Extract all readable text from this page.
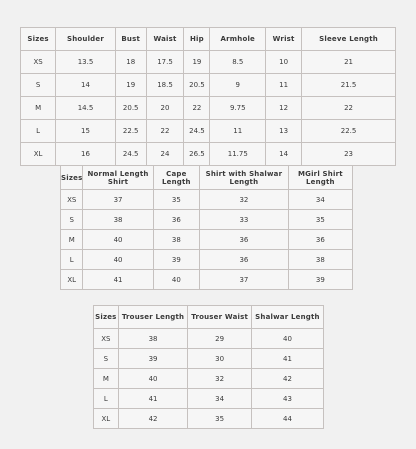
Sizes	Shoulder	Bust	Waist	Hip	Armhole	Wrist	Sleeve Length
XS	13.5	18	17.5	19	8.5	10	21
S	14	19	18.5	20.5	9	11	21.5
M	14.5	20.5	20	22	9.75	12	22
L	15	22.5	22	24.5	11	13	22.5
XL	16	24.5	24	26.5	11.75	14	23
Sizes	Normal Length Shirt	Cape Length	Shirt with Shalwar Length	MGirl Shirt Length
XS	37	35	32	34
S	38	36	33	35
M	40	38	36	36
L	40	39	36	38
XL	41	40	37	39
Sizes	Trouser Length	Trouser Waist	Shalwar Length
XS	38	29	40
S	39	30	41
M	40	32	42
L	41	34	43
XL	42	35	44
